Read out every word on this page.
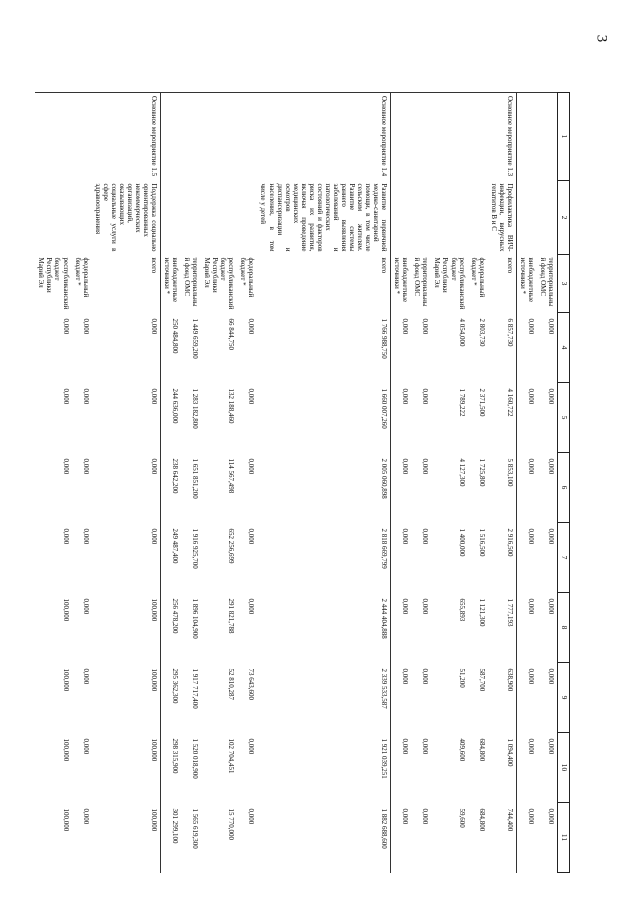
3
1	2	3	4	5	6	7	8	9	10	11
		территориальный фонд ОМС	0,000	0,000	0,000	0,000	0,000	0,000	0,000	0,000
		внебюджетные источники *	0,000	0,000	0,000	0,000	0,000	0,000	0,000	0,000
Основное мероприятие 1.3	Профилактика ВИЧ-инфекции, вирусных гепатитов В и С	всего	6 857,730	4 160,722	5 853,100	2 916,500	1 777,193	638,900	1 094,400	744,400
		федеральный бюджет *	2 803,730	2 371,500	1 725,800	1 516,500	1 121,300	587,700	684,800	684,800
		республиканский бюджет Республики Марий Эл	4 054,000	1 789,222	4 127,300	1 400,000	655,893	51,200	409,600	59,600
		территориальный фонд ОМС	0,000	0,000	0,000	0,000	0,000	0,000	0,000	0,000
		внебюджетные источники *	0,000	0,000	0,000	0,000	0,000	0,000	0,000	0,000
Основное мероприятие 1.4	Развитие первичной медико-санитарной помощи, в том числе сельским жителям. Развитие системы раннего выявления заболеваний и патологических состояний и факторов риска их развития, включая проведение медицинских осмотров и диспансеризации населения, в том числе у детей	всего	1 766 988,750	1 660 007,260	2 005 060,898	2 818 669,799	2 444 404,888	2 339 533,587	1 921 039,251	1 882 688,600
		федеральный бюджет *	0,000	0,000	0,000	0,000	0,000	73 643,600	0,000	0,000
		республиканский бюджет Республики Марий Эл	66 844,750	132 188,460	114 567,498	652 256,699	291 821,788	52 810,287	102 704,451	15 770,000
		территориальный фонд ОМС	1 449 659,200	1 283 182,800	1 651 851,200	1 916 925,700	1 896 104,900	1 917 717,400	1 520 018,900	1 565 619,300
		внебюджетные источники *	250 484,800	244 636,000	238 642,200	249 487,400	256 478,200	295 362,300	298 315,900	301 299,100
Основное мероприятие 1.5	Поддержка социально ориентированных некоммерческих организаций, оказывающих социальные услуги в сфере здравоохранения	всего	0,000	0,000	0,000	0,000	100,000	100,000	100,000	100,000
		федеральный бюджет *	0,000	0,000	0,000	0,000	0,000	0,000	0,000	0,000
		республиканский бюджет Республики Марий Эл	0,000	0,000	0,000	0,000	100,000	100,000	100,000	100,000
